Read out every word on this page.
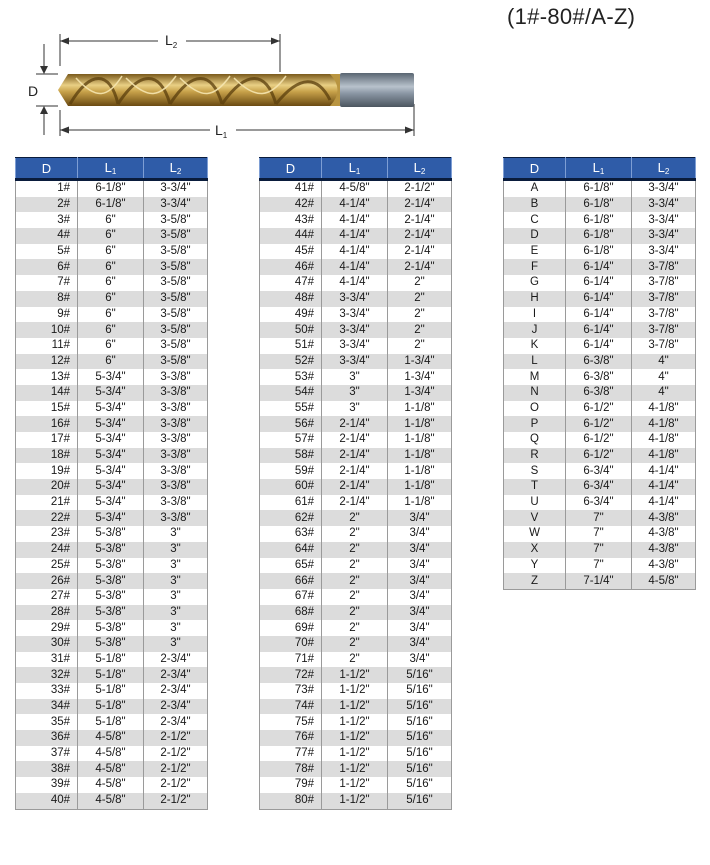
(1#-80#/A-Z)
D
$L_2$
$L_1$
D	$L_1$	$L_2$
1#	6-1/8"	3-3/4"
2#	6-1/8"	3-3/4"
3#	6"	3-5/8"
4#	6"	3-5/8"
5#	6"	3-5/8"
6#	6"	3-5/8"
7#	6"	3-5/8"
8#	6"	3-5/8"
9#	6"	3-5/8"
10#	6"	3-5/8"
11#	6"	3-5/8"
12#	6"	3-5/8"
13#	5-3/4"	3-3/8"
14#	5-3/4"	3-3/8"
15#	5-3/4"	3-3/8"
16#	5-3/4"	3-3/8"
17#	5-3/4"	3-3/8"
18#	5-3/4"	3-3/8"
19#	5-3/4"	3-3/8"
20#	5-3/4"	3-3/8"
21#	5-3/4"	3-3/8"
22#	5-3/4"	3-3/8"
23#	5-3/8"	3"
24#	5-3/8"	3"
25#	5-3/8"	3"
26#	5-3/8"	3"
27#	5-3/8"	3"
28#	5-3/8"	3"
29#	5-3/8"	3"
30#	5-3/8"	3"
31#	5-1/8"	2-3/4"
32#	5-1/8"	2-3/4"
33#	5-1/8"	2-3/4"
34#	5-1/8"	2-3/4"
35#	5-1/8"	2-3/4"
36#	4-5/8"	2-1/2"
37#	4-5/8"	2-1/2"
38#	4-5/8"	2-1/2"
39#	4-5/8"	2-1/2"
40#	4-5/8"	2-1/2"
D	$L_1$	$L_2$
41#	4-5/8"	2-1/2"
42#	4-1/4"	2-1/4"
43#	4-1/4"	2-1/4"
44#	4-1/4"	2-1/4"
45#	4-1/4"	2-1/4"
46#	4-1/4"	2-1/4"
47#	4-1/4"	2"
48#	3-3/4"	2"
49#	3-3/4"	2"
50#	3-3/4"	2"
51#	3-3/4"	2"
52#	3-3/4"	1-3/4"
53#	3"	1-3/4"
54#	3"	1-3/4"
55#	3"	1-1/8"
56#	2-1/4"	1-1/8"
57#	2-1/4"	1-1/8"
58#	2-1/4"	1-1/8"
59#	2-1/4"	1-1/8"
60#	2-1/4"	1-1/8"
61#	2-1/4"	1-1/8"
62#	2"	3/4"
63#	2"	3/4"
64#	2"	3/4"
65#	2"	3/4"
66#	2"	3/4"
67#	2"	3/4"
68#	2"	3/4"
69#	2"	3/4"
70#	2"	3/4"
71#	2"	3/4"
72#	1-1/2"	5/16"
73#	1-1/2"	5/16"
74#	1-1/2"	5/16"
75#	1-1/2"	5/16"
76#	1-1/2"	5/16"
77#	1-1/2"	5/16"
78#	1-1/2"	5/16"
79#	1-1/2"	5/16"
80#	1-1/2"	5/16"
D	$L_1$	$L_2$
A	6-1/8"	3-3/4"
B	6-1/8"	3-3/4"
C	6-1/8"	3-3/4"
D	6-1/8"	3-3/4"
E	6-1/8"	3-3/4"
F	6-1/4"	3-7/8"
G	6-1/4"	3-7/8"
H	6-1/4"	3-7/8"
I	6-1/4"	3-7/8"
J	6-1/4"	3-7/8"
K	6-1/4"	3-7/8"
L	6-3/8"	4"
M	6-3/8"	4"
N	6-3/8"	4"
O	6-1/2"	4-1/8"
P	6-1/2"	4-1/8"
Q	6-1/2"	4-1/8"
R	6-1/2"	4-1/8"
S	6-3/4"	4-1/4"
T	6-3/4"	4-1/4"
U	6-3/4"	4-1/4"
V	7"	4-3/8"
W	7"	4-3/8"
X	7"	4-3/8"
Y	7"	4-3/8"
Z	7-1/4"	4-5/8"
